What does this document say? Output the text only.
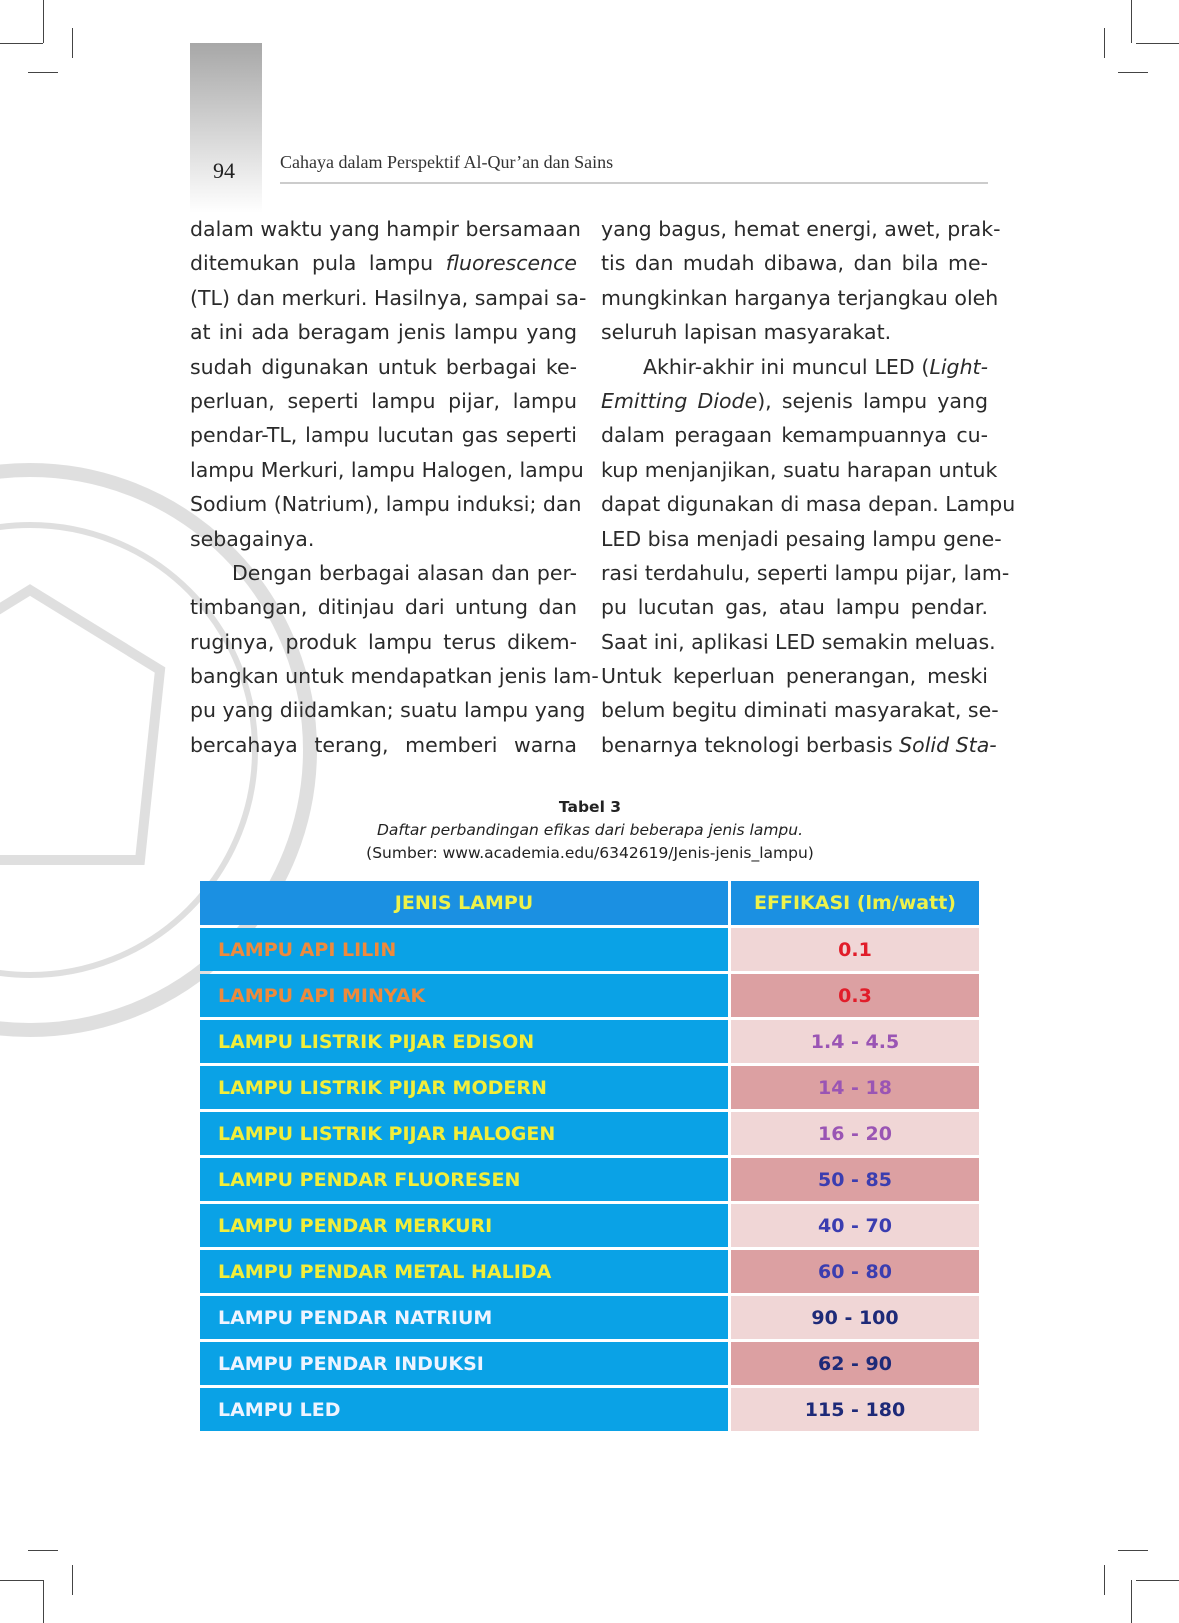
94	Cahaya dalam Perspektif Al-Qur’an dan Sains
dalam waktu yang hampir bersamaan
ditemukan pula lampu fluorescence
(TL) dan merkuri. Hasilnya, sampai sa-
at ini ada beragam jenis lampu yang
sudah digunakan untuk berbagai ke-
perluan, seperti lampu pijar, lampu
pendar-TL, lampu lucutan gas seperti
lampu Merkuri, lampu Halogen, lampu
Sodium (Natrium), lampu induksi; dan
sebagainya.
Dengan berbagai alasan dan per-
timbangan, ditinjau dari untung dan
ruginya, produk lampu terus dikem-
bangkan untuk mendapatkan jenis lam-
pu yang diidamkan; suatu lampu yang
bercahaya terang, memberi warna
yang bagus, hemat energi, awet, prak-
tis dan mudah dibawa, dan bila me-
mungkinkan harganya terjangkau oleh
seluruh lapisan masyarakat.
Akhir-akhir ini muncul LED (Light-
Emitting Diode), sejenis lampu yang
dalam peragaan kemampuannya cu-
kup menjanjikan, suatu harapan untuk
dapat digunakan di masa depan. Lampu
LED bisa menjadi pesaing lampu gene-
rasi terdahulu, seperti lampu pijar, lam-
pu lucutan gas, atau lampu pendar.
Saat ini, aplikasi LED semakin meluas.
Untuk keperluan penerangan, meski
belum begitu diminati masyarakat, se-
benarnya teknologi berbasis Solid Sta-
Tabel 3
Daftar perbandingan efikas dari beberapa jenis lampu.
(Sumber: www.academia.edu/6342619/Jenis-jenis_lampu)
JENIS LAMPU	EFFIKASI (lm/watt)
LAMPU API LILIN	0.1
LAMPU API MINYAK	0.3
LAMPU LISTRIK PIJAR EDISON	1.4 - 4.5
LAMPU LISTRIK PIJAR MODERN	14 - 18
LAMPU LISTRIK PIJAR HALOGEN	16 - 20
LAMPU PENDAR FLUORESEN	50 - 85
LAMPU PENDAR MERKURI	40 - 70
LAMPU PENDAR METAL HALIDA	60 - 80
LAMPU PENDAR NATRIUM	90 - 100
LAMPU PENDAR INDUKSI	62 - 90
LAMPU LED	115 - 180
